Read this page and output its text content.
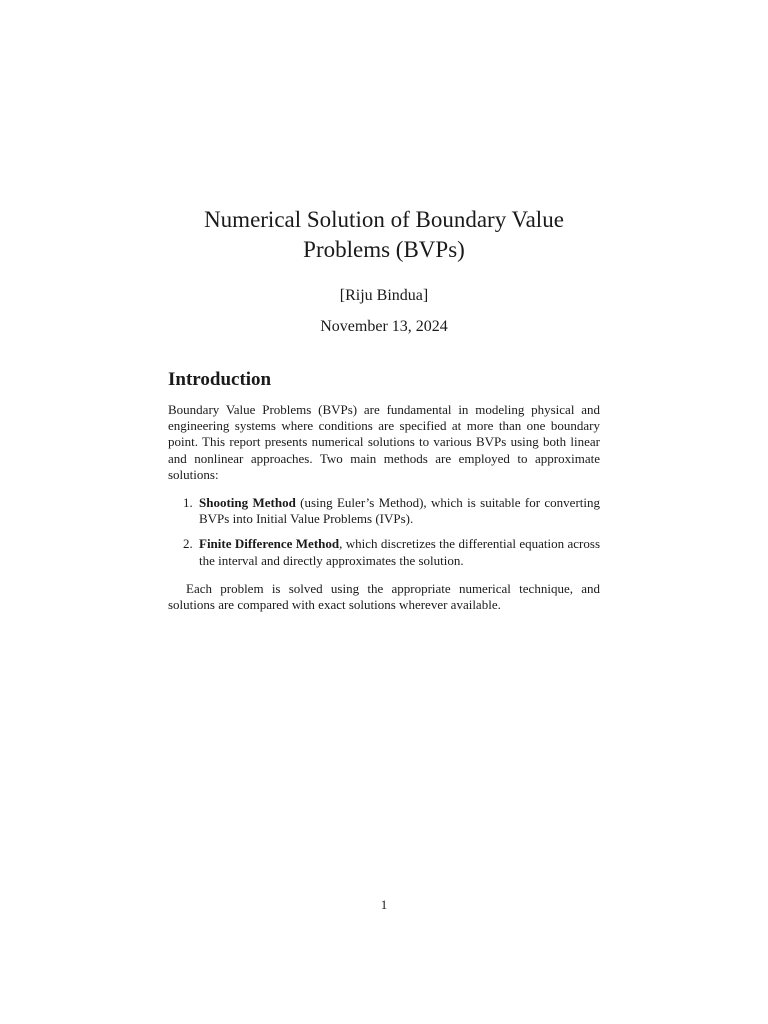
Numerical Solution of Boundary Value Problems (BVPs)
[Riju Bindua]
November 13, 2024
Introduction

Boundary Value Problems (BVPs) are fundamental in modeling physical and engineering systems where conditions are specified at more than one boundary point. This report presents numerical solutions to various BVPs using both linear and nonlinear approaches. Two main methods are employed to approximate solutions:

1. Shooting Method (using Euler’s Method), which is suitable for converting BVPs into Initial Value Problems (IVPs).
2. Finite Difference Method, which discretizes the differential equation across the interval and directly approximates the solution.

Each problem is solved using the appropriate numerical technique, and solutions are compared with exact solutions wherever available.

1
